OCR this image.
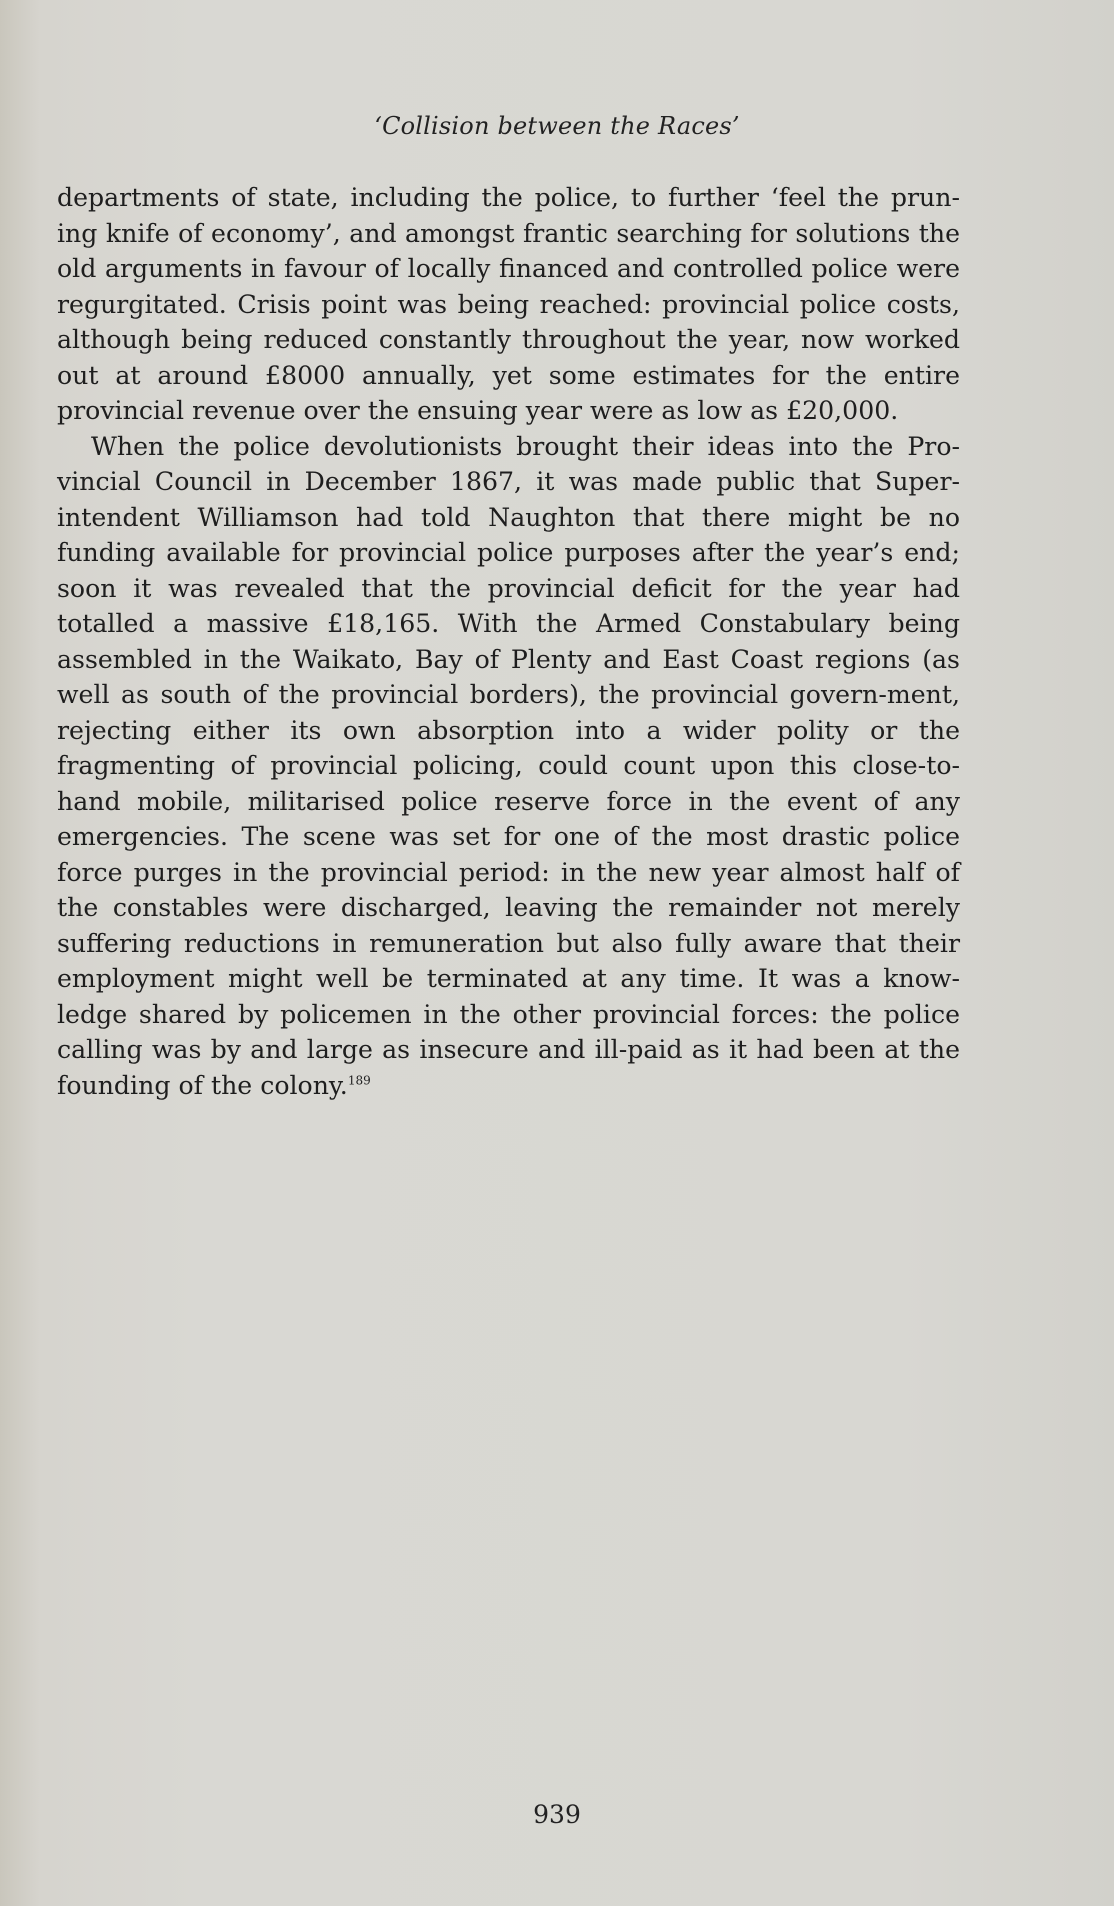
‘Collision between the Races’

departments of state, including the police, to further ‘feel the prun-ing knife of economy’, and amongst frantic searching for solutions the old arguments in favour of locally financed and controlled police were regurgitated. Crisis point was being reached: provincial police costs, although being reduced constantly throughout the year, now worked out at around £8000 annually, yet some estimates for the entire provincial revenue over the ensuing year were as low as £20,000.

When the police devolutionists brought their ideas into the Pro-vincial Council in December 1867, it was made public that Super-intendent Williamson had told Naughton that there might be no funding available for provincial police purposes after the year’s end; soon it was revealed that the provincial deficit for the year had totalled a massive £18,165. With the Armed Constabulary being assembled in the Waikato, Bay of Plenty and East Coast regions (as well as south of the provincial borders), the provincial govern-ment, rejecting either its own absorption into a wider polity or the fragmenting of provincial policing, could count upon this close-to-hand mobile, militarised police reserve force in the event of any emergencies. The scene was set for one of the most drastic police force purges in the provincial period: in the new year almost half of the constables were discharged, leaving the remainder not merely suffering reductions in remuneration but also fully aware that their employment might well be terminated at any time. It was a know-ledge shared by policemen in the other provincial forces: the police calling was by and large as insecure and ill-paid as it had been at the founding of the colony.$^{189}$

939
